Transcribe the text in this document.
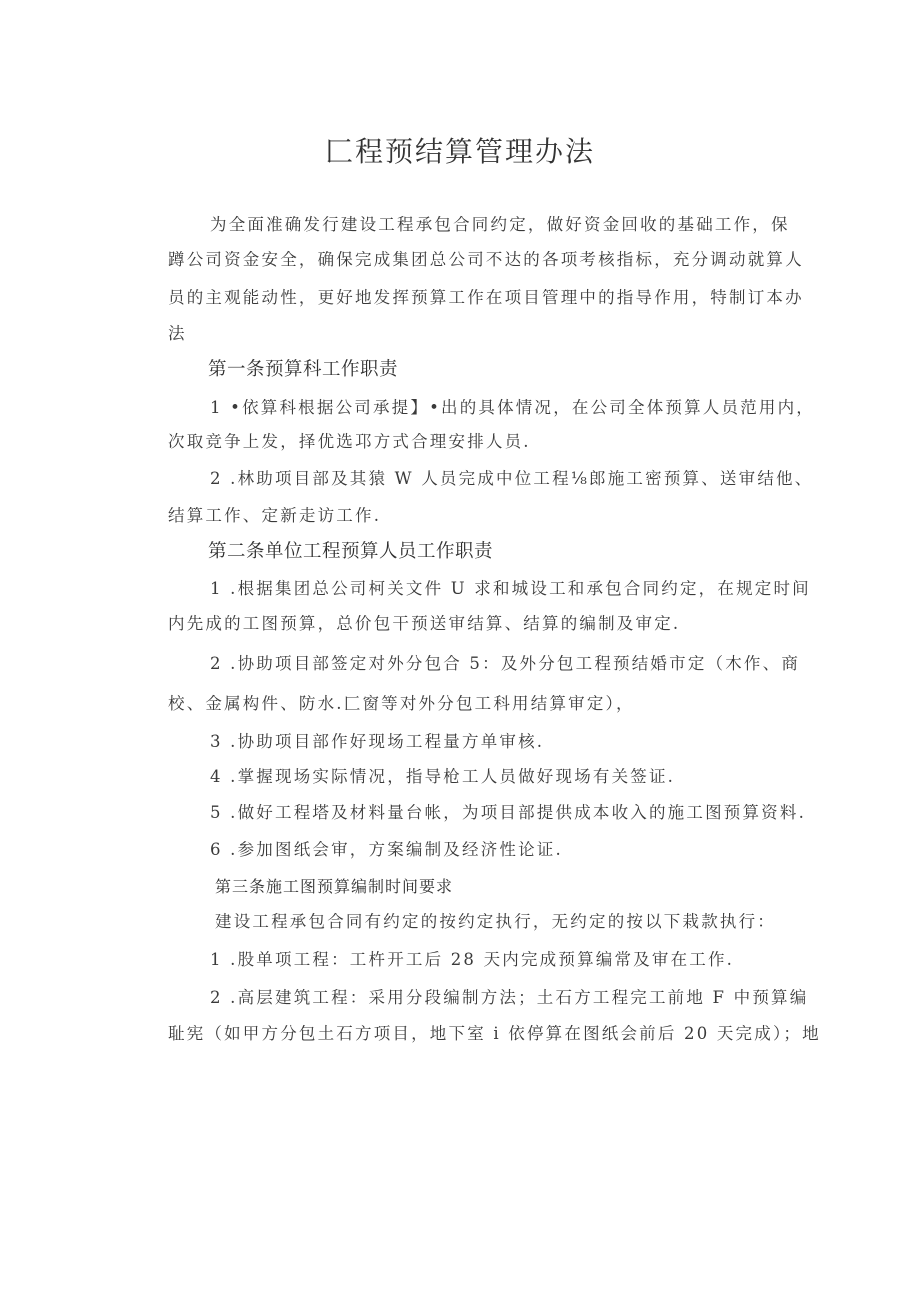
匚程预结算管理办法
为全面准确发行建设工程承包合同约定，做好资金回收的基础工作，保
蹲公司资金安全，确保完成集团总公司不达的各项考核指标，充分调动就算人
员的主观能动性，更好地发挥预算工作在项目管理中的指导作用，特制订本办
法
第一条预算科工作职责
1 •依算科根据公司承提】•出的具体情况，在公司全体预算人员范用内，
次取竞争上发，择优选邛方式合理安排人员.
2 .林助项目部及其猿 W 人员完成中位工程⅛郎施工密预算、送审结他、
结算工作、定新走访工作.
第二条单位工程预算人员工作职责
1 .根据集团总公司柯关文件 U 求和城设工和承包合同约定，在规定时间
内先成的工图预算，总价包干预送审结算、结算的编制及审定.
2 .协助项目部签定对外分包合 5：及外分包工程预结婚市定（木作、商
校、金属构件、防水.匚窗等对外分包工科用结算审定），
3 .协助项目部作好现场工程量方单审核.
4 .掌握现场实际情况，指导枪工人员做好现场有关签证.
5 .做好工程塔及材料量台帐，为项目部提供成本收入的施工图预算资料.
6 .参加图纸会审，方案编制及经济性论证.
第三条施工图预算编制时间要求
建设工程承包合同有约定的按约定执行，无约定的按以下栽款执行：
1 .股单项工程：工杵开工后 28 天内完成预算编常及审在工作.
2 .高层建筑工程：采用分段编制方法；土石方工程完工前地 F 中预算编
耻宪（如甲方分包土石方项目，地下室 i 依停算在图纸会前后 20 天完成）；地
